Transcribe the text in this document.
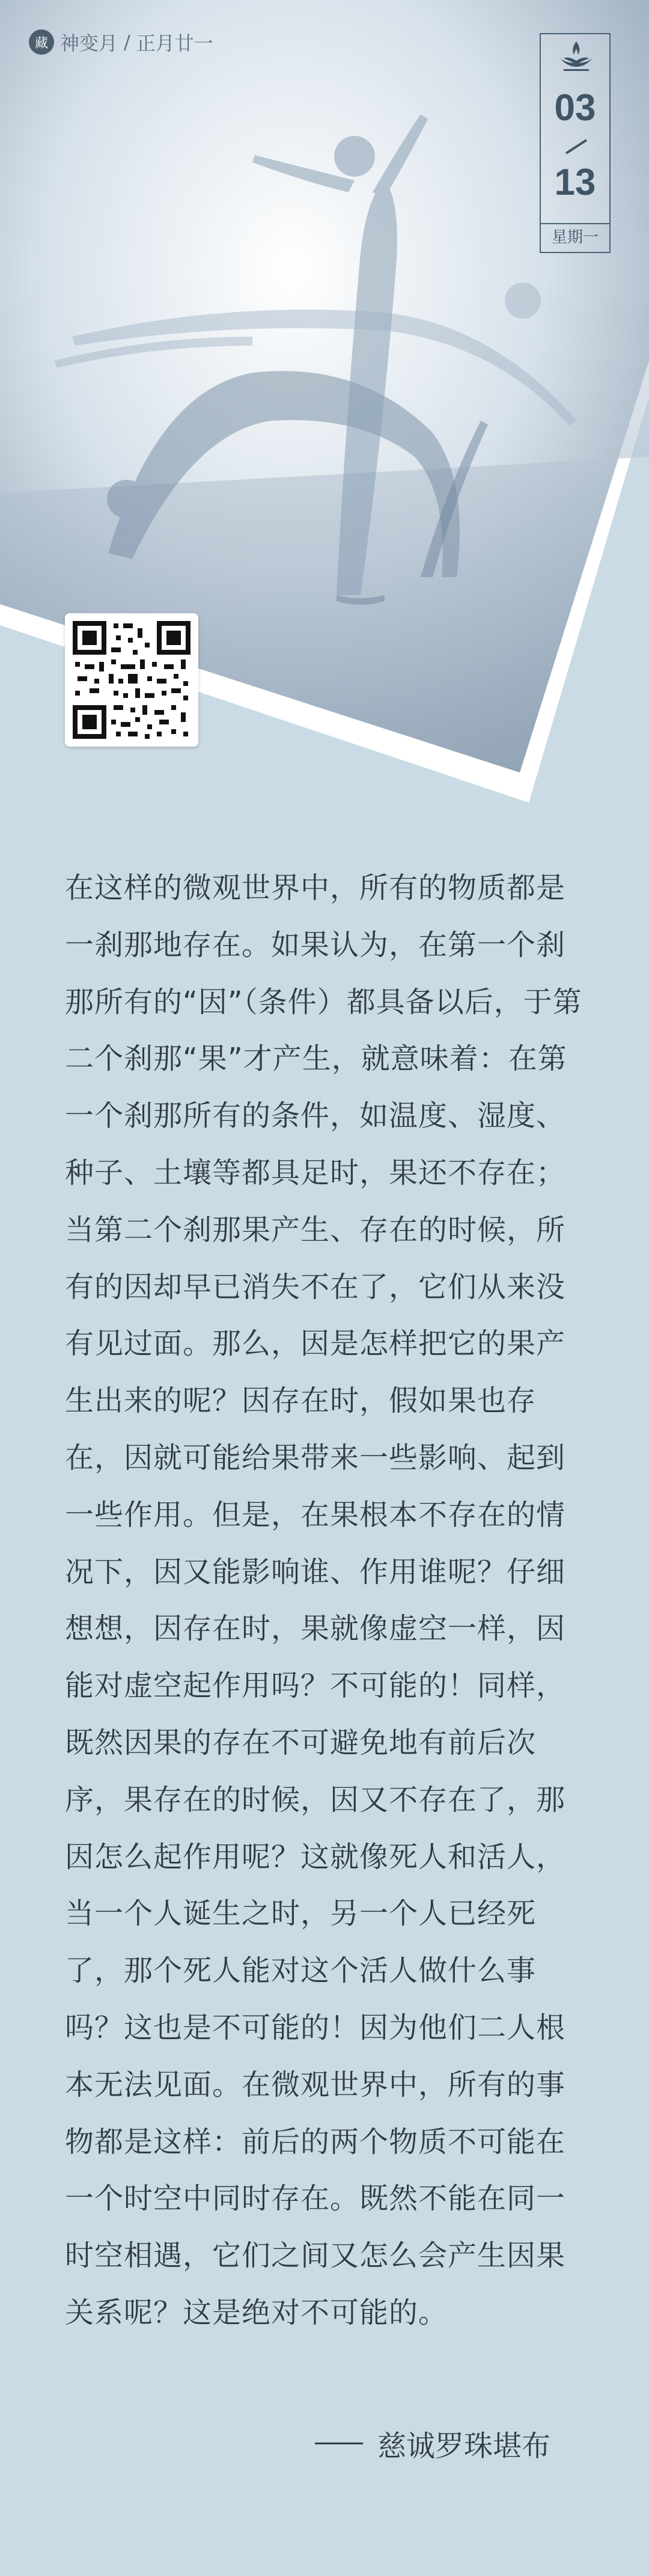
藏 神变月 / 正月廿一
03
13
星期一
在这样的微观世界中，所有的物质都是一刹那地存在。如果认为，在第一个刹那所有的“因”（条件）都具备以后，于第二个刹那“果”才产生，就意味着：在第一个刹那所有的条件，如温度、湿度、种子、土壤等都具足时，果还不存在；当第二个刹那果产生、存在的时候，所有的因却早已消失不在了，它们从来没有见过面。那么，因是怎样把它的果产生出来的呢？因存在时，假如果也存在，因就可能给果带来一些影响、起到一些作用。但是，在果根本不存在的情况下，因又能影响谁、作用谁呢？仔细想想，因存在时，果就像虚空一样，因能对虚空起作用吗？不可能的！同样，既然因果的存在不可避免地有前后次序，果存在的时候，因又不存在了，那因怎么起作用呢？这就像死人和活人，当一个人诞生之时，另一个人已经死了，那个死人能对这个活人做什么事吗？这也是不可能的！因为他们二人根本无法见面。在微观世界中，所有的事物都是这样：前后的两个物质不可能在一个时空中同时存在。既然不能在同一时空相遇，它们之间又怎么会产生因果关系呢？这是绝对不可能的。
慈诚罗珠堪布
